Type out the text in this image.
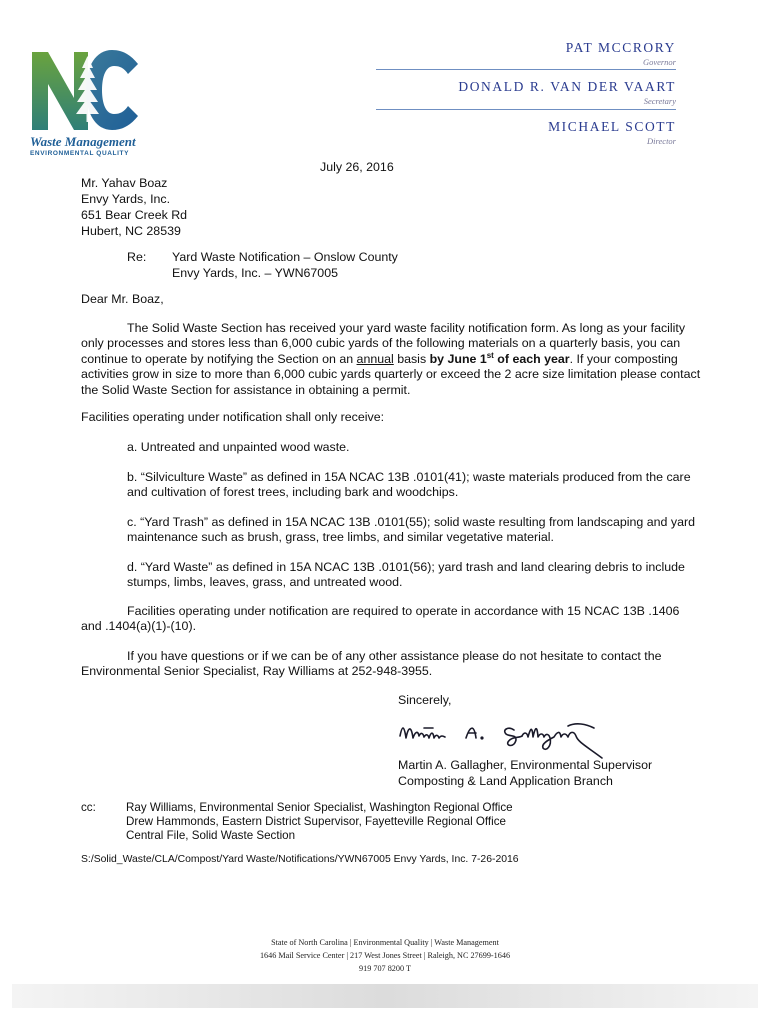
Waste Management
ENVIRONMENTAL QUALITY
PAT MCCRORY
Governor
DONALD R. VAN DER VAART
Secretary
MICHAEL SCOTT
Director
July 26, 2016
Mr. Yahav Boaz
Envy Yards, Inc.
651 Bear Creek Rd
Hubert, NC 28539
Re: Yard Waste Notification – Onslow County
Envy Yards, Inc. – YWN67005
Dear Mr. Boaz,
The Solid Waste Section has received your yard waste facility notification form. As long as your facility only processes and stores less than 6,000 cubic yards of the following materials on a quarterly basis, you can continue to operate by notifying the Section on an annual basis by June 1st of each year. If your composting activities grow in size to more than 6,000 cubic yards quarterly or exceed the 2 acre size limitation please contact the Solid Waste Section for assistance in obtaining a permit.
Facilities operating under notification shall only receive:
a. Untreated and unpainted wood waste.
b. “Silviculture Waste” as defined in 15A NCAC 13B .0101(41); waste materials produced from the care and cultivation of forest trees, including bark and woodchips.
c. “Yard Trash” as defined in 15A NCAC 13B .0101(55); solid waste resulting from landscaping and yard maintenance such as brush, grass, tree limbs, and similar vegetative material.
d. “Yard Waste” as defined in 15A NCAC 13B .0101(56); yard trash and land clearing debris to include stumps, limbs, leaves, grass, and untreated wood.
Facilities operating under notification are required to operate in accordance with 15 NCAC 13B .1406 and .1404(a)(1)-(10).
If you have questions or if we can be of any other assistance please do not hesitate to contact the Environmental Senior Specialist, Ray Williams at 252-948-3955.
Sincerely,
Martin A. Gallagher, Environmental Supervisor
Composting & Land Application Branch
cc:	Ray Williams, Environmental Senior Specialist, Washington Regional Office
Drew Hammonds, Eastern District Supervisor, Fayetteville Regional Office
Central File, Solid Waste Section
S:/Solid_Waste/CLA/Compost/Yard Waste/Notifications/YWN67005 Envy Yards, Inc. 7-26-2016
State of North Carolina | Environmental Quality | Waste Management
1646 Mail Service Center | 217 West Jones Street | Raleigh, NC 27699-1646
919 707 8200 T
